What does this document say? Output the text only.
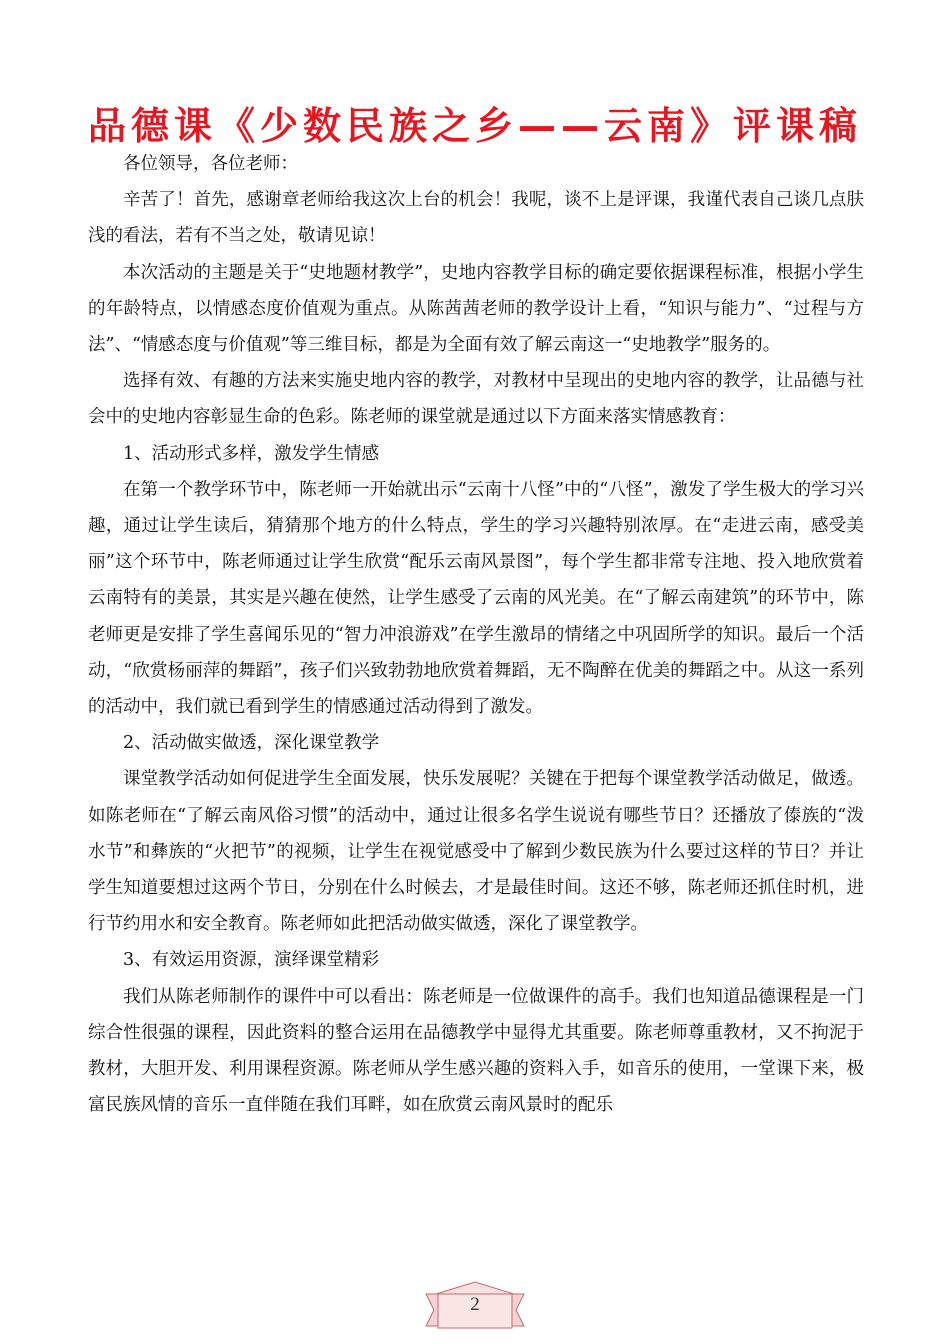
品德课《少数民族之乡——云南》评课稿

各位领导，各位老师：

辛苦了！首先，感谢章老师给我这次上台的机会！我呢，谈不上是评课，我谨代表自己谈几点肤浅的看法，若有不当之处，敬请见谅！

本次活动的主题是关于“史地题材教学”，史地内容教学目标的确定要依据课程标准，根据小学生的年龄特点，以情感态度价值观为重点。从陈茜茜老师的教学设计上看，“知识与能力”、“过程与方法”、“情感态度与价值观”等三维目标，都是为全面有效了解云南这一“史地教学”服务的。

选择有效、有趣的方法来实施史地内容的教学，对教材中呈现出的史地内容的教学，让品德与社会中的史地内容彰显生命的色彩。陈老师的课堂就是通过以下方面来落实情感教育：

1、活动形式多样，激发学生情感

在第一个教学环节中，陈老师一开始就出示“云南十八怪”中的“八怪”，激发了学生极大的学习兴趣，通过让学生读后，猜猜那个地方的什么特点，学生的学习兴趣特别浓厚。在“走进云南，感受美丽”这个环节中，陈老师通过让学生欣赏“配乐云南风景图”，每个学生都非常专注地、投入地欣赏着云南特有的美景，其实是兴趣在使然，让学生感受了云南的风光美。在“了解云南建筑”的环节中，陈老师更是安排了学生喜闻乐见的“智力冲浪游戏”在学生激昂的情绪之中巩固所学的知识。最后一个活动，“欣赏杨丽萍的舞蹈”，孩子们兴致勃勃地欣赏着舞蹈，无不陶醉在优美的舞蹈之中。从这一系列的活动中，我们就已看到学生的情感通过活动得到了激发。

2、活动做实做透，深化课堂教学

课堂教学活动如何促进学生全面发展，快乐发展呢？关键在于把每个课堂教学活动做足，做透。如陈老师在“了解云南风俗习惯”的活动中，通过让很多名学生说说有哪些节日？还播放了傣族的“泼水节”和彝族的“火把节”的视频，让学生在视觉感受中了解到少数民族为什么要过这样的节日？并让学生知道要想过这两个节日，分别在什么时候去，才是最佳时间。这还不够，陈老师还抓住时机，进行节约用水和安全教育。陈老师如此把活动做实做透，深化了课堂教学。

3、有效运用资源，演绎课堂精彩

我们从陈老师制作的课件中可以看出：陈老师是一位做课件的高手。我们也知道品德课程是一门综合性很强的课程，因此资料的整合运用在品德教学中显得尤其重要。陈老师尊重教材，又不拘泥于教材，大胆开发、利用课程资源。陈老师从学生感兴趣的资料入手，如音乐的使用，一堂课下来，极富民族风情的音乐一直伴随在我们耳畔，如在欣赏云南风景时的配乐

2
